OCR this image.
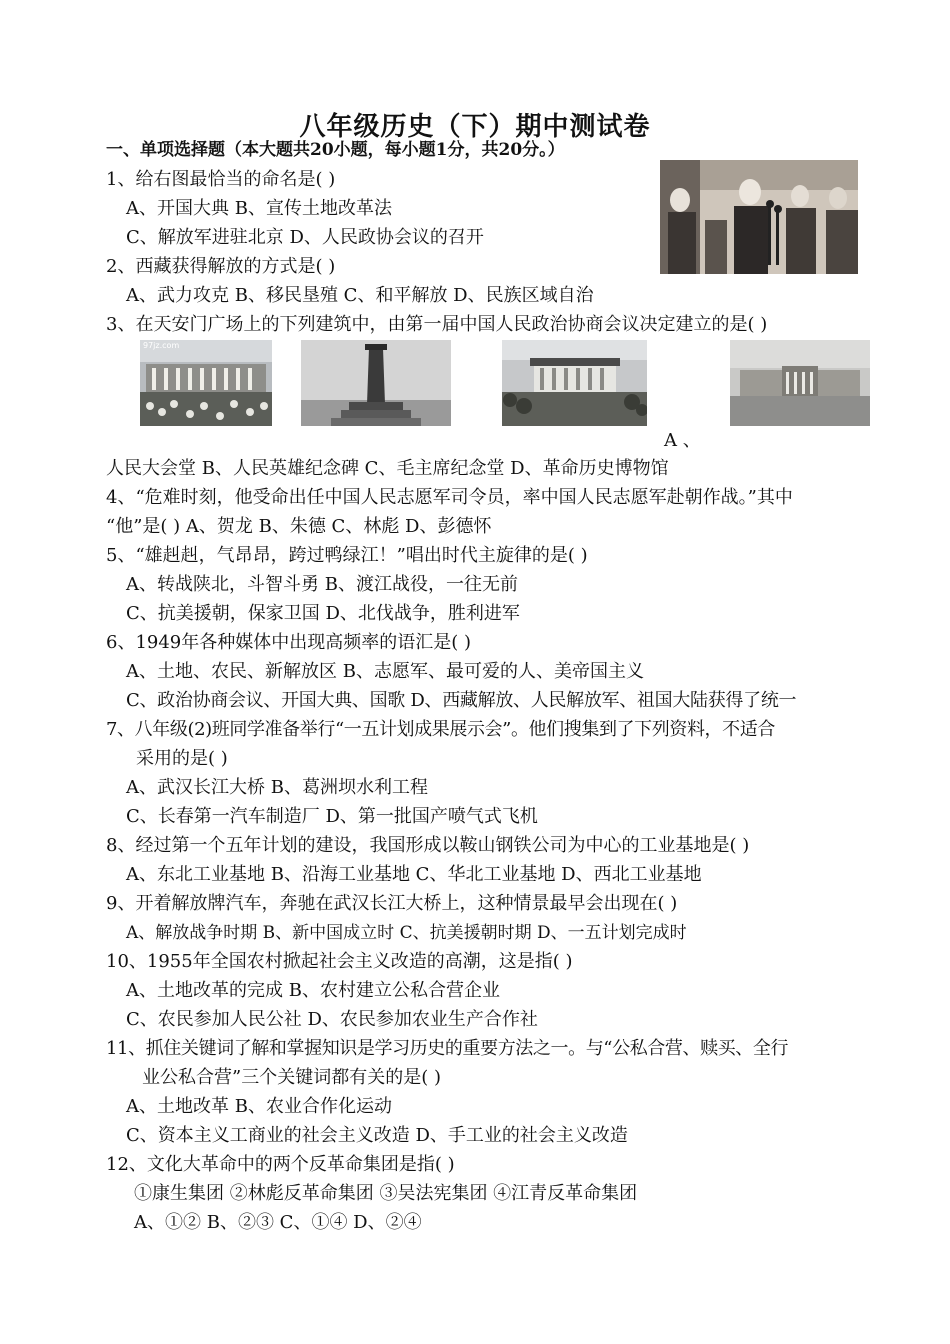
八年级历史（下）期中测试卷
一、单项选择题（本大题共20小题，每小题1分，共20分。）
1、给右图最恰当的命名是( )
A、开国大典 B、宣传土地改革法
C、解放军进驻北京 D、人民政协会议的召开
2、西藏获得解放的方式是( )
A、武力攻克 B、移民垦殖 C、和平解放 D、民族区域自治
3、在天安门广场上的下列建筑中，由第一届中国人民政治协商会议决定建立的是( )
97jz.com
A 、
人民大会堂 B、人民英雄纪念碑 C、毛主席纪念堂 D、革命历史博物馆
4、“危难时刻，他受命出任中国人民志愿军司令员，率中国人民志愿军赴朝作战。”其中
“他”是( ) A、贺龙 B、朱德 C、林彪 D、彭德怀
5、“雄赳赳，气昂昂，跨过鸭绿江！”唱出时代主旋律的是( )
A、转战陕北，斗智斗勇 B、渡江战役，一往无前
C、抗美援朝，保家卫国 D、北伐战争，胜利进军
6、1949年各种媒体中出现高频率的语汇是( )
A、土地、农民、新解放区 B、志愿军、最可爱的人、美帝国主义
C、政治协商会议、开国大典、国歌 D、西藏解放、人民解放军、祖国大陆获得了统一
7、八年级(2)班同学准备举行“一五计划成果展示会”。他们搜集到了下列资料，不适合
采用的是( )
A、武汉长江大桥 B、葛洲坝水利工程
C、长春第一汽车制造厂 D、第一批国产喷气式飞机
8、经过第一个五年计划的建设，我国形成以鞍山钢铁公司为中心的工业基地是( )
A、东北工业基地 B、沿海工业基地 C、华北工业基地 D、西北工业基地
9、开着解放牌汽车，奔驰在武汉长江大桥上，这种情景最早会出现在( )
A、解放战争时期 B、新中国成立时 C、抗美援朝时期 D、一五计划完成时
10、1955年全国农村掀起社会主义改造的高潮，这是指( )
A、土地改革的完成 B、农村建立公私合营企业
C、农民参加人民公社 D、农民参加农业生产合作社
11、抓住关键词了解和掌握知识是学习历史的重要方法之一。与“公私合营、赎买、全行
业公私合营”三个关键词都有关的是( )
A、土地改革 B、农业合作化运动
C、资本主义工商业的社会主义改造 D、手工业的社会主义改造
12、文化大革命中的两个反革命集团是指( )
①康生集团 ②林彪反革命集团 ③吴法宪集团 ④江青反革命集团
A、①② B、②③ C、①④ D、②④
